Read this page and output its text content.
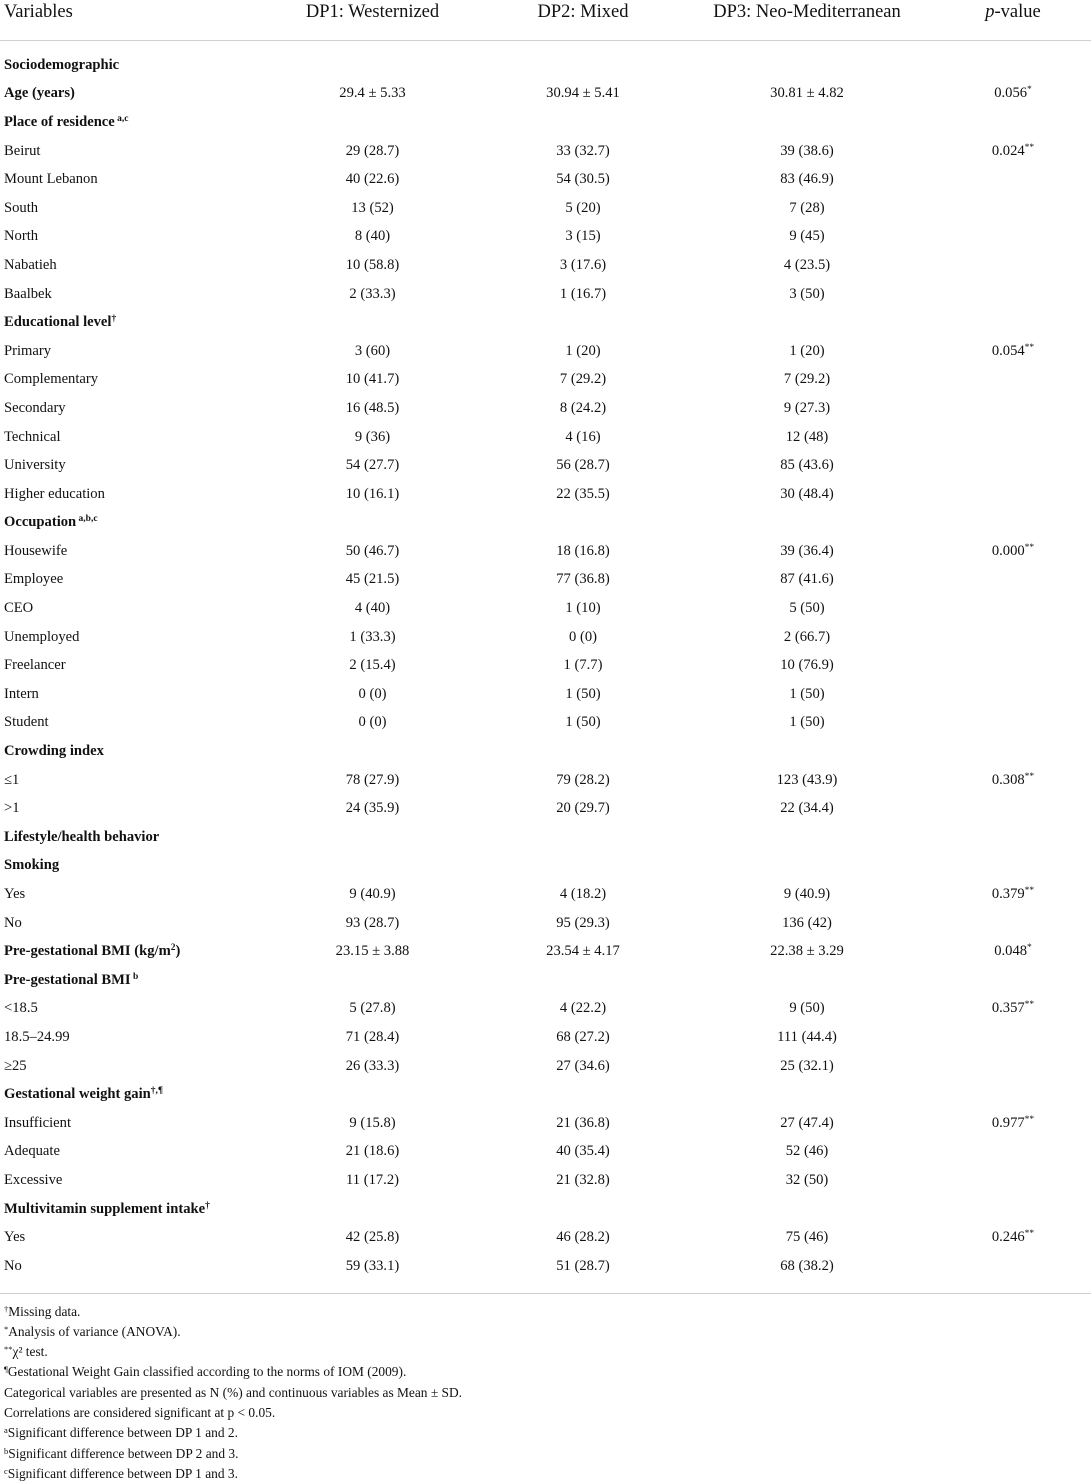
Variables	DP1: Westernized	DP2: Mixed	DP3: Neo-Mediterranean	p-value
Sociodemographic				
Age (years)	29.4 ± 5.33	30.94 ± 5.41	30.81 ± 4.82	0.056*
Place of residence $^{a,c}$				
Beirut	29 (28.7)	33 (32.7)	39 (38.6)	0.024**
Mount Lebanon	40 (22.6)	54 (30.5)	83 (46.9)	
South	13 (52)	5 (20)	7 (28)	
North	8 (40)	3 (15)	9 (45)	
Nabatieh	10 (58.8)	3 (17.6)	4 (23.5)	
Baalbek	2 (33.3)	1 (16.7)	3 (50)	
Educational level†				
Primary	3 (60)	1 (20)	1 (20)	0.054**
Complementary	10 (41.7)	7 (29.2)	7 (29.2)	
Secondary	16 (48.5)	8 (24.2)	9 (27.3)	
Technical	9 (36)	4 (16)	12 (48)	
University	54 (27.7)	56 (28.7)	85 (43.6)	
Higher education	10 (16.1)	22 (35.5)	30 (48.4)	
Occupation $^{a,b,c}$				
Housewife	50 (46.7)	18 (16.8)	39 (36.4)	0.000**
Employee	45 (21.5)	77 (36.8)	87 (41.6)	
CEO	4 (40)	1 (10)	5 (50)	
Unemployed	1 (33.3)	0 (0)	2 (66.7)	
Freelancer	2 (15.4)	1 (7.7)	10 (76.9)	
Intern	0 (0)	1 (50)	1 (50)	
Student	0 (0)	1 (50)	1 (50)	
Crowding index				
≤1	78 (27.9)	79 (28.2)	123 (43.9)	0.308**
>1	24 (35.9)	20 (29.7)	22 (34.4)	
Lifestyle/health behavior				
Smoking				
Yes	9 (40.9)	4 (18.2)	9 (40.9)	0.379**
No	93 (28.7)	95 (29.3)	136 (42)	
Pre-gestational BMI $(kg/m^2)$	23.15 ± 3.88	23.54 ± 4.17	22.38 ± 3.29	0.048*
Pre-gestational BMI $^b$				
<18.5	5 (27.8)	4 (22.2)	9 (50)	0.357**
18.5–24.99	71 (28.4)	68 (27.2)	111 (44.4)	
≥25	26 (33.3)	27 (34.6)	25 (32.1)	
Gestational weight gain†,¶				
Insufficient	9 (15.8)	21 (36.8)	27 (47.4)	0.977**
Adequate	21 (18.6)	40 (35.4)	52 (46)	
Excessive	11 (17.2)	21 (32.8)	32 (50)	
Multivitamin supplement intake†				
Yes	42 (25.8)	46 (28.2)	75 (46)	0.246**
No	59 (33.1)	51 (28.7)	68 (38.2)	
†Missing data.
*Analysis of variance (ANOVA).
**χ² test.
¶Gestational Weight Gain classified according to the norms of IOM (2009).
Categorical variables are presented as N (%) and continuous variables as Mean ± SD.
Correlations are considered significant at p < 0.05.
$^a$Significant difference between DP 1 and 2.
$^b$Significant difference between DP 2 and 3.
$^c$Significant difference between DP 1 and 3.
